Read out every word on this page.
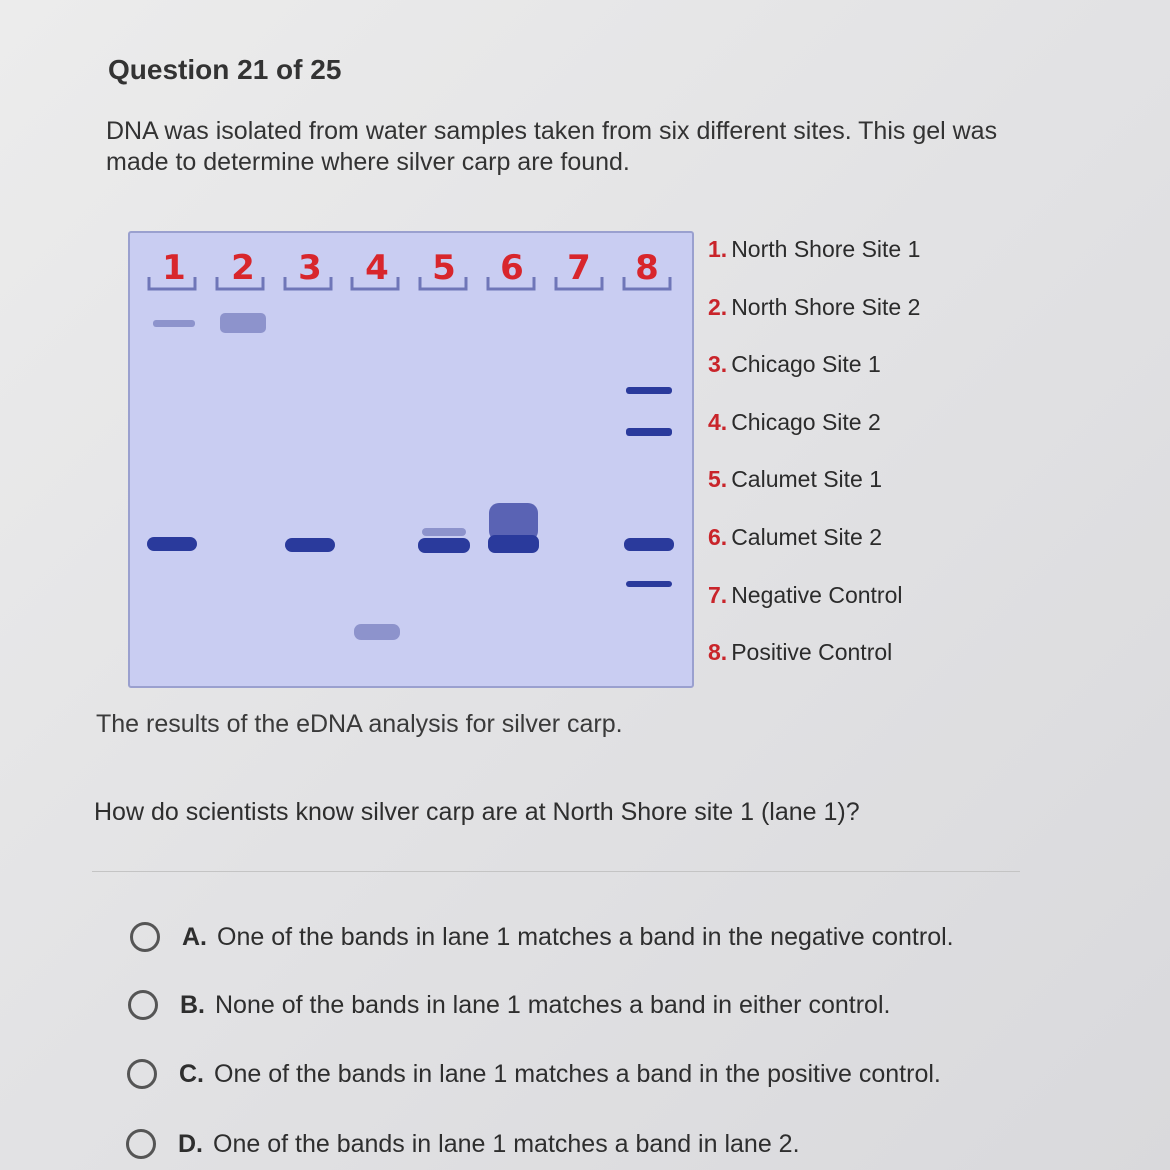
Question 21 of 25
DNA was isolated from water samples taken from six different sites. This gel was made to determine where silver carp are found.
1 2 3 4 5 6 7 8 1. North Shore Site 1
2. North Shore Site 2
3. Chicago Site 1
4. Chicago Site 2
5. Calumet Site 1
6. Calumet Site 2
7. Negative Control
8. Positive Control
The results of the eDNA analysis for silver carp.
How do scientists know silver carp are at North Shore site 1 (lane 1)?
A. One of the bands in lane 1 matches a band in the negative control.
B. None of the bands in lane 1 matches a band in either control.
C. One of the bands in lane 1 matches a band in the positive control.
D. One of the bands in lane 1 matches a band in lane 2.
